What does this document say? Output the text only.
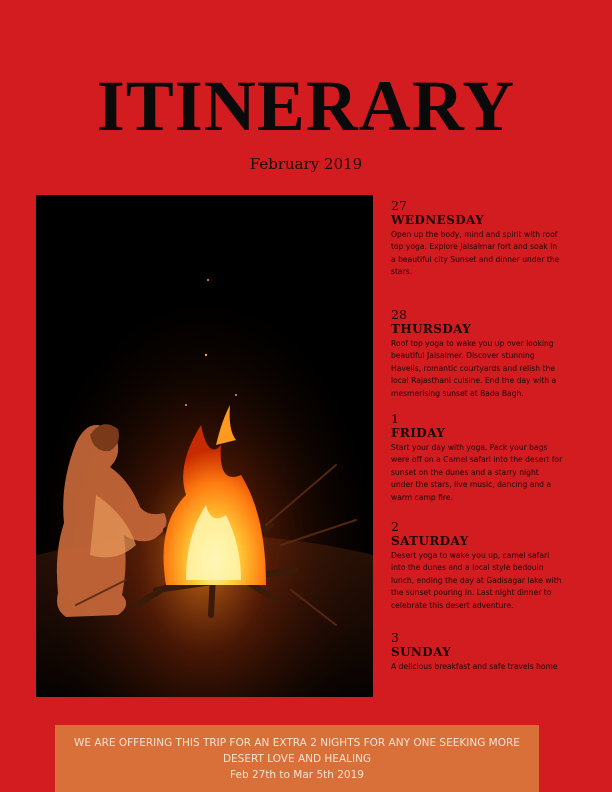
ITINERARY
February 2019
27
WEDNESDAY
Open up the body, mind and spirit with roof top yoga. Explore Jaisalmar fort and soak in a beautiful city Sunset and dinner under the stars.
28
THURSDAY
Roof top yoga to wake you up over looking beautiful Jaisalmer. Discover stunning Havelis, romantic courtyards and relish the local Rajasthani cuisine. End the day with a mesmerising sunset at Bada Bagh.
1
FRIDAY
Start your day with yoga. Pack your bags were off on a Camel safari into the desert for sunset on the dunes and a starry night under the stars, live music, dancing and a warm camp fire.
2
SATURDAY
Desert yoga to wake you up, camel safari into the dunes and a local style bedouin lunch, ending the day at Gadisagar lake with the sunset pouring in. Last night dinner to celebrate this desert adventure.
3
SUNDAY
A delicious breakfast and safe travels home
WE ARE OFFERING THIS TRIP FOR AN EXTRA 2 NIGHTS FOR ANY ONE SEEKING MORE
DESERT LOVE AND HEALING
Feb 27th to Mar 5th 2019
